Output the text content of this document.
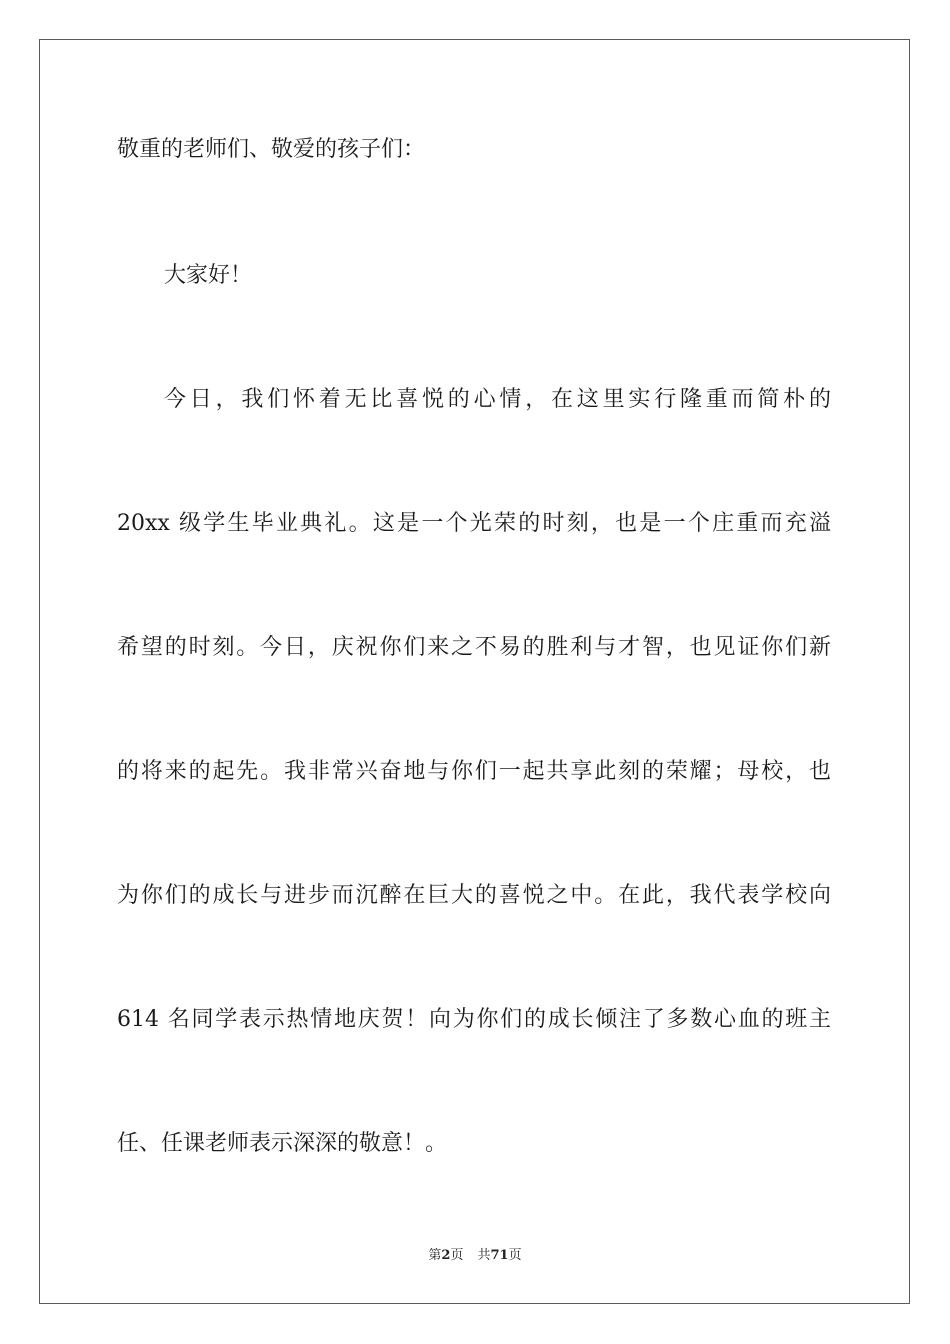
敬重的老师们、敬爱的孩子们：
大家好！
今日，我们怀着无比喜悦的心情，在这里实行隆重而简朴的
20xx 级学生毕业典礼。这是一个光荣的时刻，也是一个庄重而充溢
希望的时刻。今日，庆祝你们来之不易的胜利与才智，也见证你们新
的将来的起先。我非常兴奋地与你们一起共享此刻的荣耀；母校，也
为你们的成长与进步而沉醉在巨大的喜悦之中。在此，我代表学校向
614 名同学表示热情地庆贺！向为你们的成长倾注了多数心血的班主
任、任课老师表示深深的敬意！。
第2页 共71页
